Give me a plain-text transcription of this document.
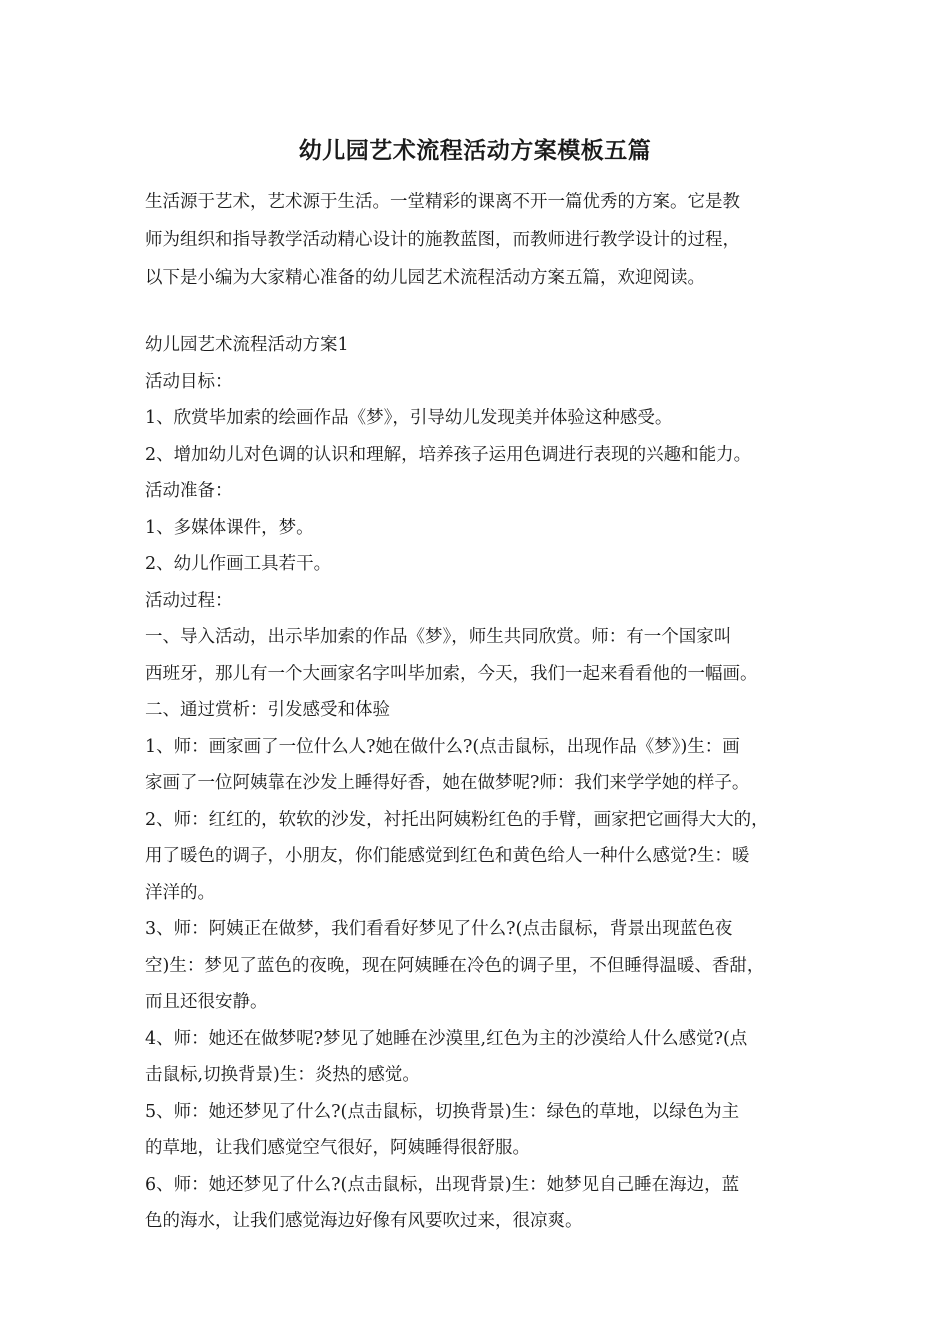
幼儿园艺术流程活动方案模板五篇

生活源于艺术，艺术源于生活。一堂精彩的课离不开一篇优秀的方案。它是教

师为组织和指导教学活动精心设计的施教蓝图，而教师进行教学设计的过程，

以下是小编为大家精心准备的幼儿园艺术流程活动方案五篇，欢迎阅读。

幼儿园艺术流程活动方案1

活动目标：

1、欣赏毕加索的绘画作品《梦》，引导幼儿发现美并体验这种感受。

2、增加幼儿对色调的认识和理解，培养孩子运用色调进行表现的兴趣和能力。

活动准备：

1、多媒体课件，梦。

2、幼儿作画工具若干。

活动过程：

一、导入活动，出示毕加索的作品《梦》，师生共同欣赏。师：有一个国家叫

西班牙，那儿有一个大画家名字叫毕加索，今天，我们一起来看看他的一幅画。

二、通过赏析：引发感受和体验

1、师：画家画了一位什么人?她在做什么?(点击鼠标，出现作品《梦》)生：画

家画了一位阿姨靠在沙发上睡得好香，她在做梦呢?师：我们来学学她的样子。

2、师：红红的，软软的沙发，衬托出阿姨粉红色的手臂，画家把它画得大大的，

用了暖色的调子，小朋友，你们能感觉到红色和黄色给人一种什么感觉?生：暖

洋洋的。

3、师：阿姨正在做梦，我们看看好梦见了什么?(点击鼠标，背景出现蓝色夜

空)生：梦见了蓝色的夜晚，现在阿姨睡在冷色的调子里，不但睡得温暖、香甜，

而且还很安静。

4、师：她还在做梦呢?梦见了她睡在沙漠里,红色为主的沙漠给人什么感觉?(点

击鼠标,切换背景)生：炎热的感觉。

5、师：她还梦见了什么?(点击鼠标，切换背景)生：绿色的草地，以绿色为主

的草地，让我们感觉空气很好，阿姨睡得很舒服。

6、师：她还梦见了什么?(点击鼠标，出现背景)生：她梦见自己睡在海边，蓝

色的海水，让我们感觉海边好像有风要吹过来，很凉爽。
